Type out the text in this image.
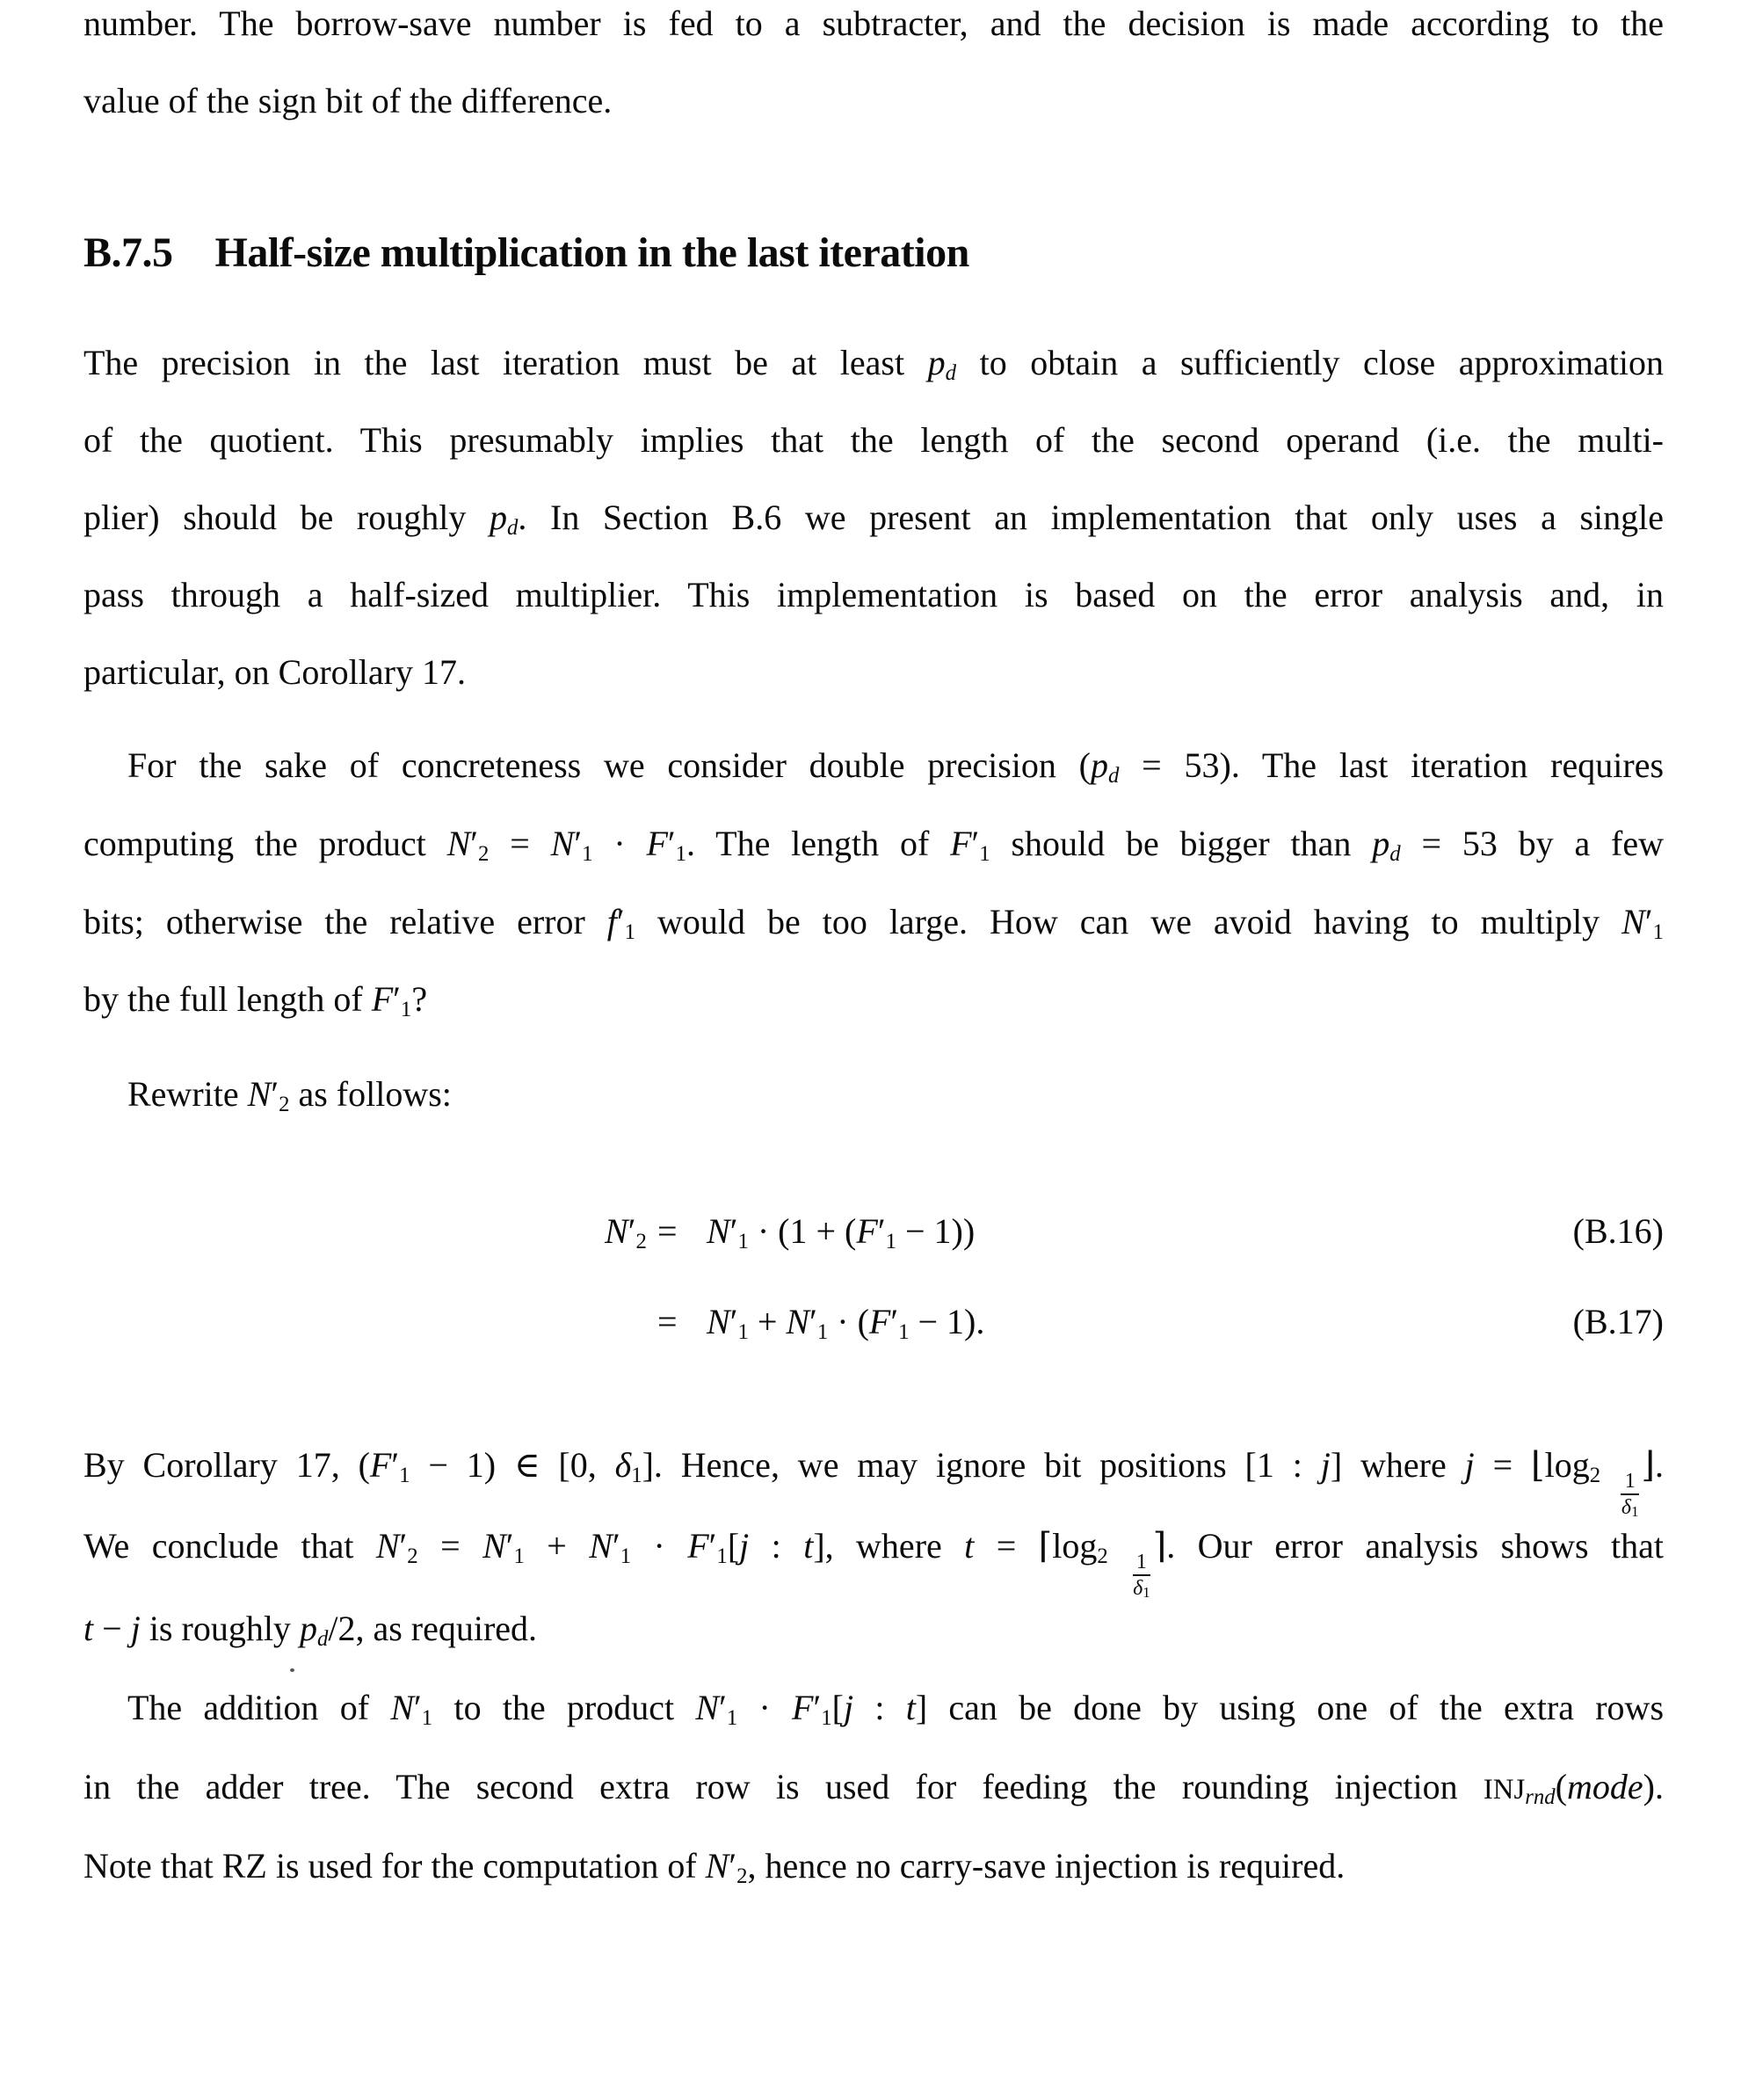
number. The borrow-save number is fed to a subtracter, and the decision is made according to the
value of the sign bit of the difference.
B.7.5 Half-size multiplication in the last iteration
The precision in the last iteration must be at least pd to obtain a sufficiently close approximation
of the quotient. This presumably implies that the length of the second operand (i.e. the multi-
plier) should be roughly pd. In Section B.6 we present an implementation that only uses a single
pass through a half-sized multiplier. This implementation is based on the error analysis and, in
particular, on Corollary 17.
For the sake of concreteness we consider double precision (pd = 53). The last iteration requires
computing the product N′2 = N′1 · F′1. The length of F′1 should be bigger than pd = 53 by a few
bits; otherwise the relative error f′1 would be too large. How can we avoid having to multiply N′1
by the full length of F′1?
Rewrite N′2 as follows:
N′2 = N′1 · (1 + (F′1 − 1))	(B.16)
= N′1 + N′1 · (F′1 − 1).	(B.17)
By Corollary 17, (F′1 − 1) ∈ [0, δ1]. Hence, we may ignore bit positions [1 : j] where j = ⌊log2 $\frac{1}{\delta 1}$
⌋.
We conclude that N′2 = N′1 + N′1 · F′1[j : t], where t = ⌈log2 $\frac{1}{\delta 1}$
⌉. Our error analysis shows that
t − j is roughly pd/2, as required.
The addition of N′1 to the product N′1 · F′1[j : t] can be done by using one of the extra rows
in the adder tree. The second extra row is used for feeding the rounding injection INJrnd(mode).
Note that RZ is used for the computation of N′2, hence no carry-save injection is required.
